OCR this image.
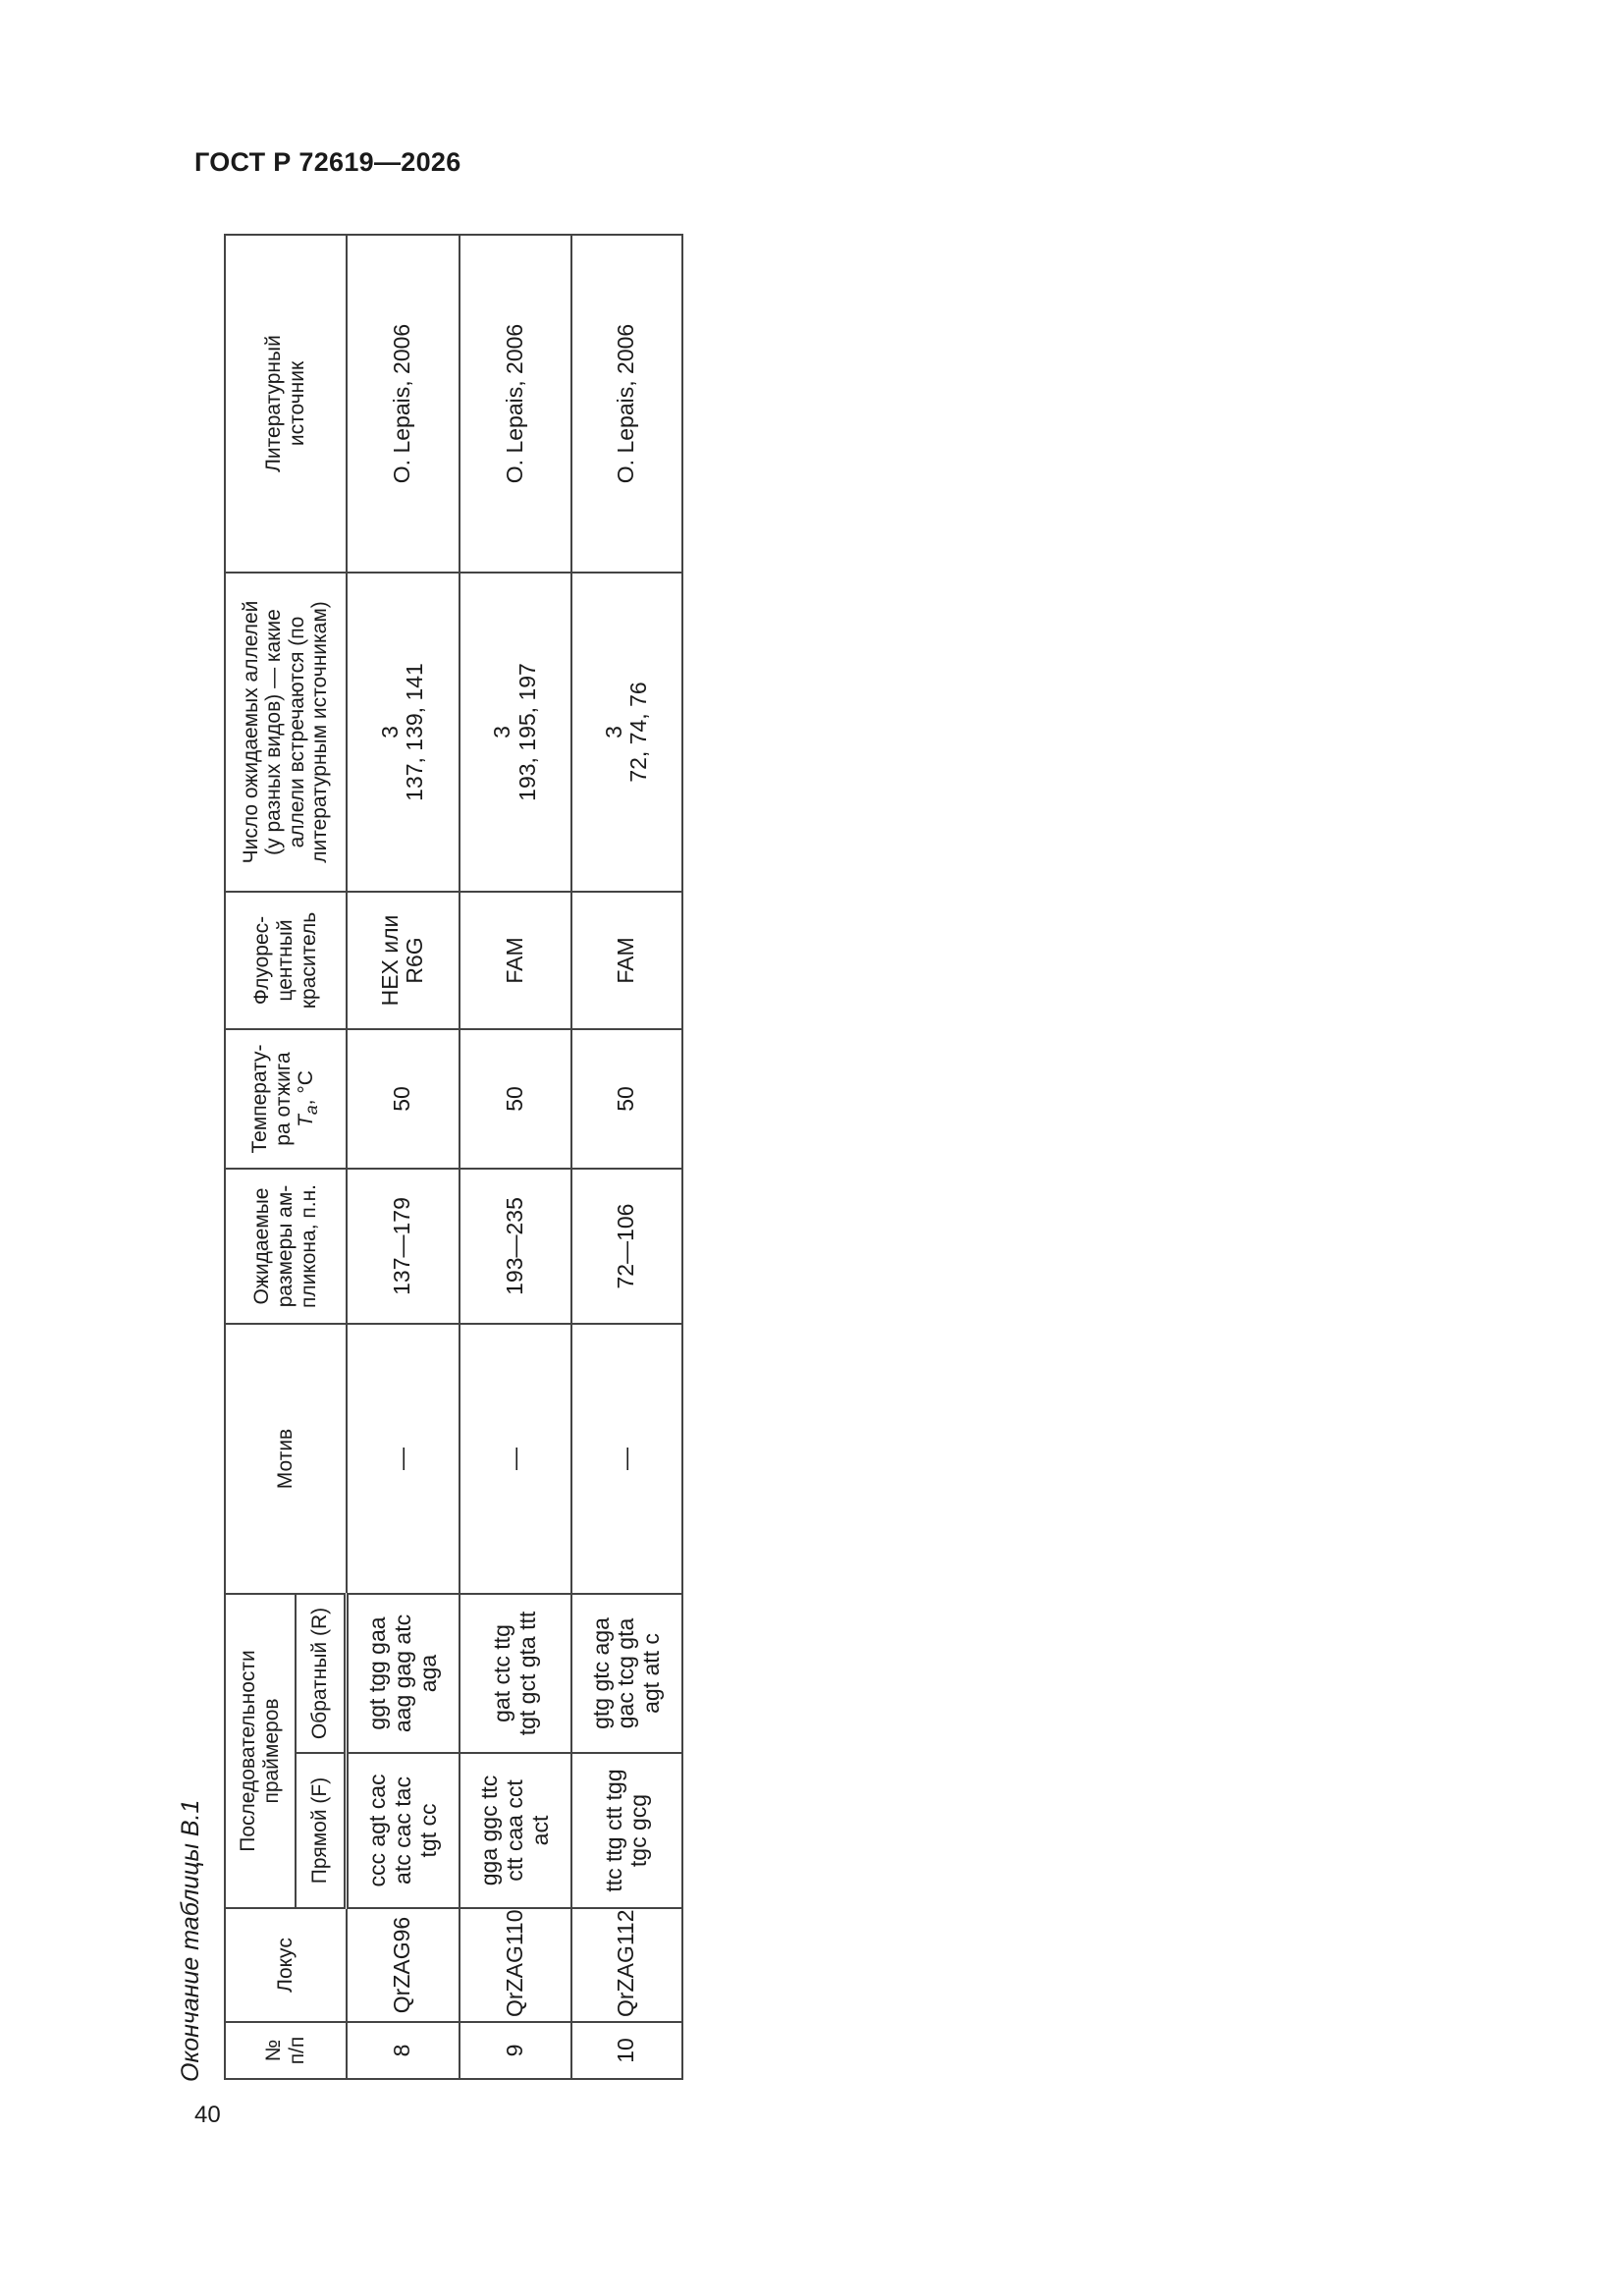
ГОСТ Р 72619—2026
Окончание таблицы В.1	№ п/п	Локус	Последовательности праймеров		Мотив	Ожидаемые размеры ам- пликона, п.н.	Температу- ра отжига $T_a$, °C	Флуорес- центный краситель	Число ожидаемых аллелей (у разных видов) — какие аллели встречаются (по литературным источникам)	Литературный источник

		Прямой (F)	Обратный (R)						
8	QrZAG96	ccc agt cac atc cac tac tgt cc	ggt tgg gaa aag gag atc aga	—	137—179	50	HEX или R6G	3 137, 139, 141	O. Lepais, 2006
9	QrZAG110	gga ggc ttc ctt caa cct act	gat ctc ttg tgt gct gta ttt	—	193—235	50	FAM	3 193, 195, 197	O. Lepais, 2006
10	QrZAG112	ttc ttg ctt tgg tgc gcg	gtg gtc aga gac tcg gta agt att c	—	72—106	50	FAM	3 72, 74, 76	O. Lepais, 2006
40
